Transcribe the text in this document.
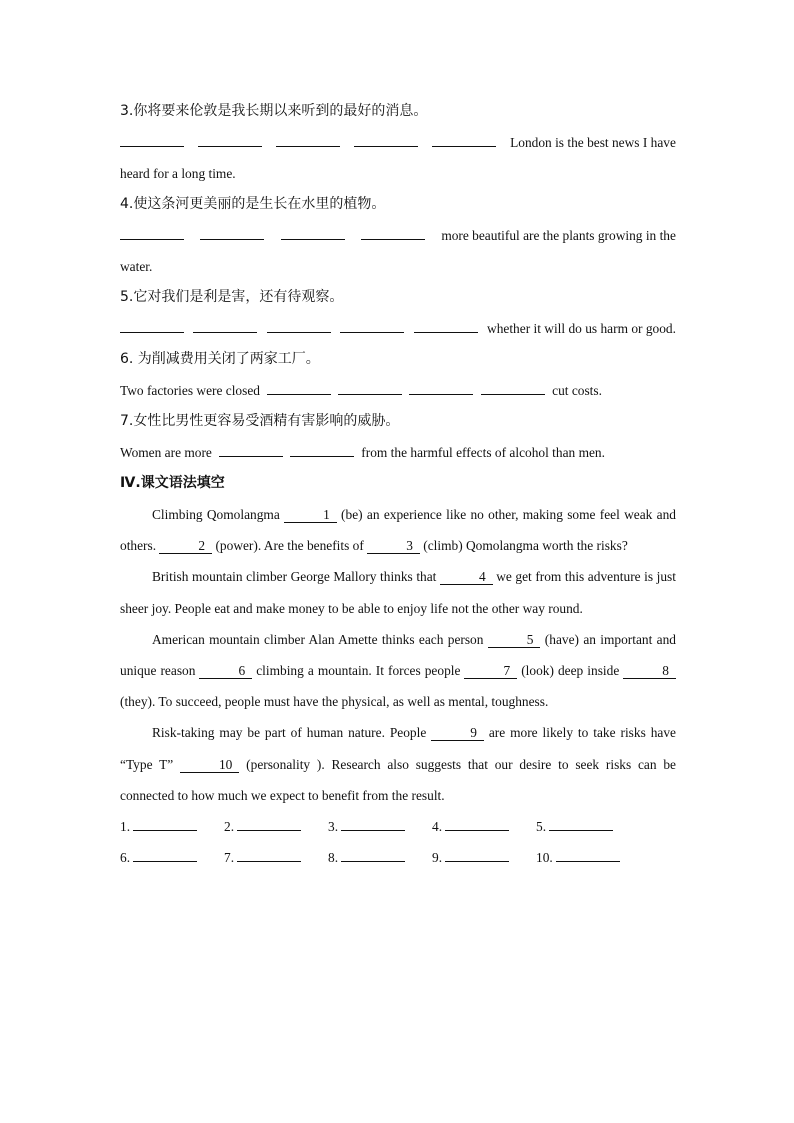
3.你将要来伦敦是我长期以来听到的最好的消息。
London is the best news I have
heard for a long time.
4.使这条河更美丽的是生长在水里的植物。
more beautiful are the plants growing in the
water.
5.它对我们是利是害，还有待观察。
whether it will do us harm or good.
6. 为削减费用关闭了两家工厂。
Two factories were closed	cut costs.
7.女性比男性更容易受酒精有害影响的威胁。
Women are more	from the harmful effects of alcohol than men.
Ⅳ.课文语法填空
Climbing Qomolangma	1 (be) an experience like no other, making some feel weak and others.	2 (power). Are the benefits of	3 (climb) Qomolangma worth the risks?
British mountain climber George Mallory thinks that	4 we get from this adventure is just sheer joy. People eat and make money to be able to enjoy life not the other way round.
American mountain climber Alan Amette thinks each person	5 (have) an important and unique reason	6 climbing a mountain. It forces people	7 (look) deep inside	8 (they). To succeed, people must have the physical, as well as mental, toughness.
Risk-taking may be part of human nature. People	9 are more likely to take risks have “Type T”	10 (personality ). Research also suggests that our desire to seek risks can be connected to how much we expect to benefit from the result.
1.	2.	3.	4.	5.
6.	7.	8.	9.	10.
